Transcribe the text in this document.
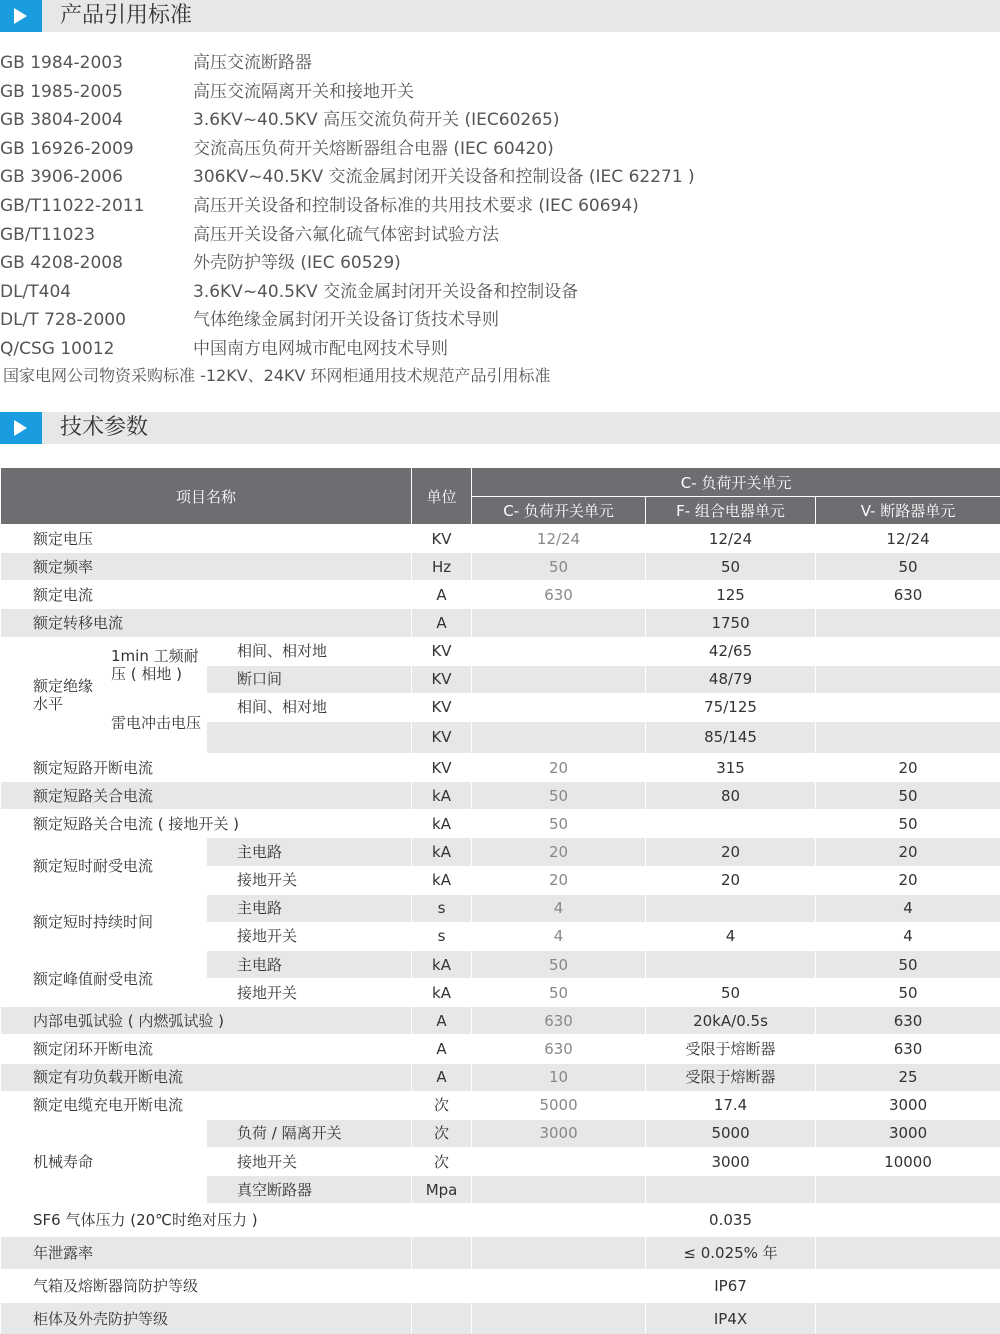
产品引用标准
GB 1984-2003	高压交流断路器
GB 1985-2005	高压交流隔离开关和接地开关
GB 3804-2004	3.6KV~40.5KV 高压交流负荷开关 (IEC60265)
GB 16926-2009	交流高压负荷开关熔断器组合电器 (IEC 60420)
GB 3906-2006	306KV~40.5KV 交流金属封闭开关设备和控制设备 (IEC 62271 )
GB/T11022-2011	高压开关设备和控制设备标准的共用技术要求 (IEC 60694)
GB/T11023	高压开关设备六氟化硫气体密封试验方法
GB 4208-2008	外壳防护等级 (IEC 60529)
DL/T404	3.6KV~40.5KV 交流金属封闭开关设备和控制设备
DL/T 728-2000	气体绝缘金属封闭开关设备订货技术导则
Q/CSG 10012	中国南方电网城市配电网技术导则
国家电网公司物资采购标准 -12KV、24KV 环网柜通用技术规范产品引用标准
技术参数
项目名称			单位	C- 负荷开关单元		
				C- 负荷开关单元	F- 组合电器单元	V- 断路器单元
额定电压			KV	12/24	12/24	12/24
额定频率			Hz	50	50	50
额定电流			A	630	125	630
额定转移电流			A		1750	
额定绝缘水平	1min 工频耐压 ( 相地 )	相间、相对地	KV		42/65	
		断口间	KV		48/79	
	雷电冲击电压	相间、相对地	KV		75/125	
			KV		85/145	
额定短路开断电流			KV	20	315	20
额定短路关合电流			kA	50	80	50
额定短路关合电流 ( 接地开关 )			kA	50		50
额定短时耐受电流		主电路	kA	20	20	20
		接地开关	kA	20	20	20
额定短时持续时间		主电路	s	4		4
		接地开关	s	4	4	4
额定峰值耐受电流		主电路	kA	50		50
		接地开关	kA	50	50	50
内部电弧试验 ( 内燃弧试验 )			A	630	20kA/0.5s	630
额定闭环开断电流			A	630	受限于熔断器	630
额定有功负载开断电流			A	10	受限于熔断器	25
额定电缆充电开断电流			次	5000	17.4	3000
机械寿命		负荷 / 隔离开关	次	3000	5000	3000
		接地开关	次		3000	10000
		真空断路器	Mpa			
SF6 气体压力 (20℃时绝对压力 )					0.035	
年泄露率					≤ 0.025% 年	
气箱及熔断器筒防护等级					IP67	
柜体及外壳防护等级					IP4X	
